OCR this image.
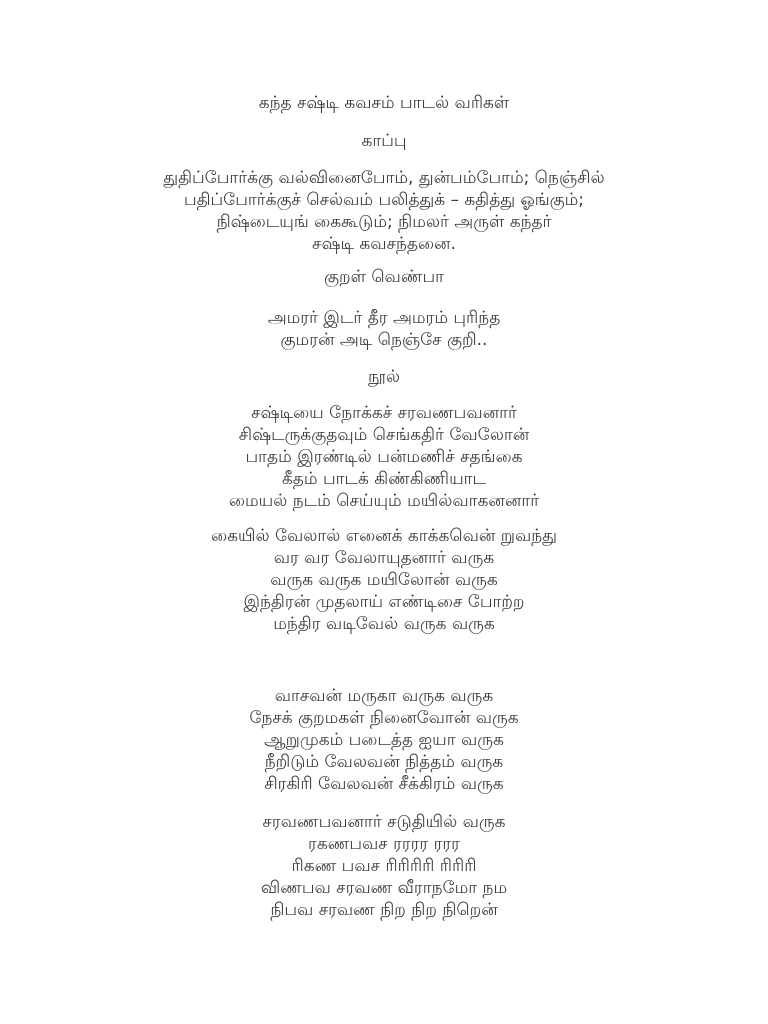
கந்த சஷ்டி கவசம் பாடல் வரிகள்
காப்பு
துதிப்போர்க்கு வல்வினைபோம், துன்பம்போம்; நெஞ்சில்
பதிப்போர்க்குச் செல்வம் பலித்துக் – கதித்து ஓங்கும்;
நிஷ்டையுங் கைகூடும்; நிமலர் அருள் கந்தர்
சஷ்டி கவசந்தனை.
குறள் வெண்பா
அமரர் இடர் தீர அமரம் புரிந்த
குமரன் அடி நெஞ்சே குறி..
நூல்
சஷ்டியை நோக்கச் சரவணபவனார்
சிஷ்டருக்குதவும் செங்கதிர் வேலோன்
பாதம் இரண்டில் பன்மணிச் சதங்கை
கீதம் பாடக் கிண்கிணியாட
மையல் நடம் செய்யும் மயில்வாகனனார்
கையில் வேலால் எனைக் காக்கவென் றுவந்து
வர வர வேலாயுதனார் வருக
வருக வருக மயிலோன் வருக
இந்திரன் முதலாய் எண்டிசை போற்ற
மந்திர வடிவேல் வருக வருக
வாசவன் மருகா வருக வருக
நேசக் குறமகள் நினைவோன் வருக
ஆறுமுகம் படைத்த ஐயா வருக
நீறிடும் வேலவன் நித்தம் வருக
சிரகிரி வேலவன் சீக்கிரம் வருக
சரவணபவனார் சடுதியில் வருக
ரகணபவச ரரரர ரரர
ரிகண பவச ரிரிரிரி ரிரிரி
விணபவ சரவண வீராநமோ நம
நிபவ சரவண நிற நிற நிறென்
